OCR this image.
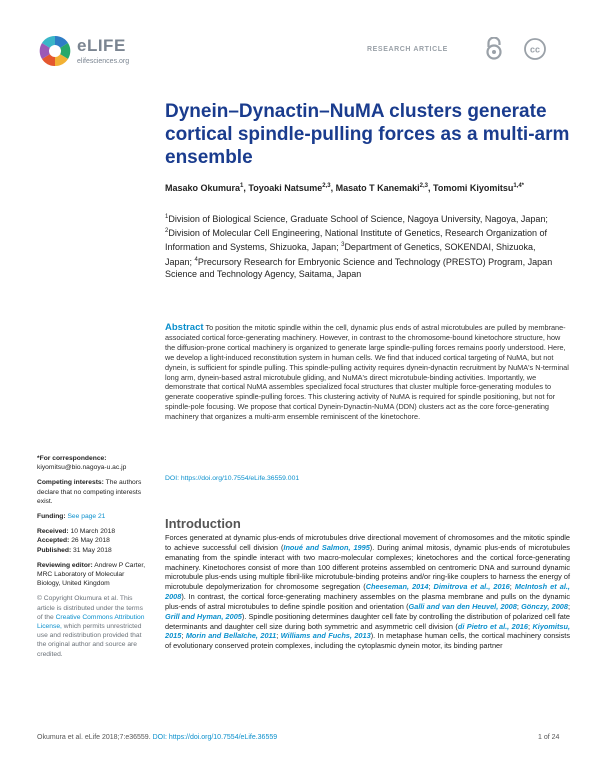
eLIFE
elifesciences.org
RESEARCH ARTICLE	cc
Dynein–Dynactin–NuMA clusters generate cortical spindle-pulling forces as a multi-arm ensemble
Masako Okumura$^1$, Toyoaki Natsume$^{2,3}$, Masato T Kanemaki$^{2,3}$, Tomomi Kiyomitsu$^{1,4*}$
$^1$Division of Biological Science, Graduate School of Science, Nagoya University, Nagoya, Japan; $^2$Division of Molecular Cell Engineering, National Institute of Genetics, Research Organization of Information and Systems, Shizuoka, Japan; $^3$Department of Genetics, SOKENDAI, Shizuoka, Japan; $^4$Precursory Research for Embryonic Science and Technology (PRESTO) Program, Japan Science and Technology Agency, Saitama, Japan
Abstract To position the mitotic spindle within the cell, dynamic plus ends of astral microtubules are pulled by membrane-associated cortical force-generating machinery. However, in contrast to the chromosome-bound kinetochore structure, how the diffusion-prone cortical machinery is organized to generate large spindle-pulling forces remains poorly understood. Here, we develop a light-induced reconstitution system in human cells. We find that induced cortical targeting of NuMA, but not dynein, is sufficient for spindle pulling. This spindle-pulling activity requires dynein-dynactin recruitment by NuMA's N-terminal long arm, dynein-based astral microtubule gliding, and NuMA's direct microtubule-binding activities. Importantly, we demonstrate that cortical NuMA assembles specialized focal structures that cluster multiple force-generating modules to generate cooperative spindle-pulling forces. This clustering activity of NuMA is required for spindle positioning, but not for spindle-pole focusing. We propose that cortical Dynein-Dynactin-NuMA (DDN) clusters act as the core force-generating machinery that organizes a multi-arm ensemble reminiscent of the kinetochore.
DOI: https://doi.org/10.7554/eLife.36559.001
*For correspondence:
kiyomitsu@bio.nagoya-u.ac.jp
Competing interests: The authors declare that no competing interests exist.
Funding: See page 21
Received: 10 March 2018
Accepted: 26 May 2018
Published: 31 May 2018
Reviewing editor: Andrew P Carter, MRC Laboratory of Molecular Biology, United Kingdom
© Copyright Okumura et al. This article is distributed under the terms of the Creative Commons Attribution License, which permits unrestricted use and redistribution provided that the original author and source are credited.
Introduction
Forces generated at dynamic plus-ends of microtubules drive directional movement of chromosomes and the mitotic spindle to achieve successful cell division (Inoué and Salmon, 1995). During animal mitosis, dynamic plus-ends of microtubules emanating from the spindle interact with two macro-molecular complexes; kinetochores and the cortical force-generating machinery. Kinetochores consist of more than 100 different proteins assembled on centromeric DNA and surround dynamic microtubule plus-ends using multiple fibril-like microtubule-binding proteins and/or ring-like couplers to harness the energy of microtubule depolymerization for chromosome segregation (Cheeseman, 2014; Dimitrova et al., 2016; McIntosh et al., 2008). In contrast, the cortical force-generating machinery assembles on the plasma membrane and pulls on the dynamic plus-ends of astral microtubules to define spindle position and orientation (Galli and van den Heuvel, 2008; Gönczy, 2008; Grill and Hyman, 2005). Spindle positioning determines daughter cell fate by controlling the distribution of polarized cell fate determinants and daughter cell size during both symmetric and asymmetric cell division (di Pietro et al., 2016; Kiyomitsu, 2015; Morin and Bellaïche, 2011; Williams and Fuchs, 2013). In metaphase human cells, the cortical machinery consists of evolutionary conserved protein complexes, including the cytoplasmic dynein motor, its binding partner
Okumura et al. eLife 2018;7:e36559. DOI: https://doi.org/10.7554/eLife.36559	1 of 24
